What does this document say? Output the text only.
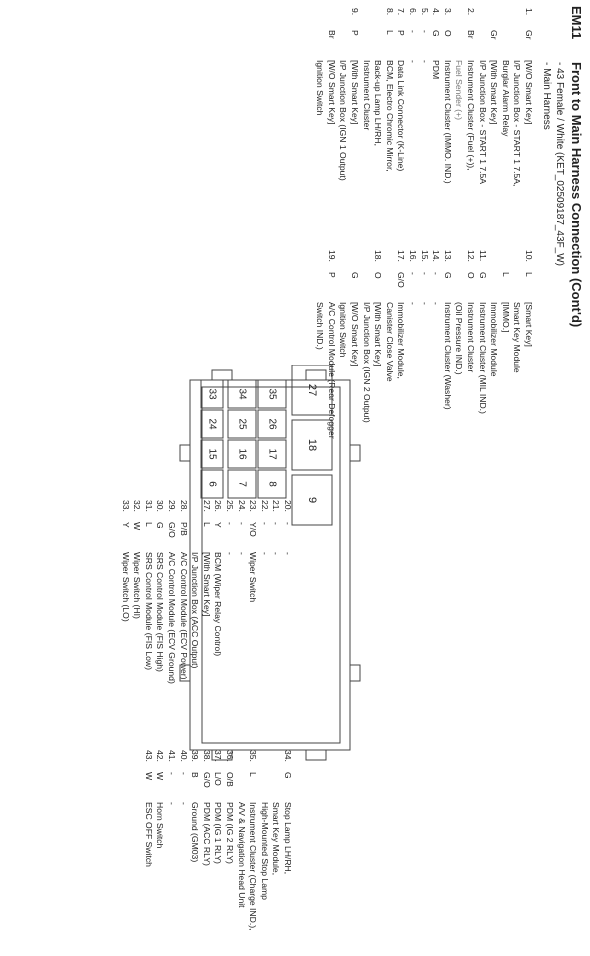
EM11
Front to Main Harness Connection (Cont'd)
- 43 Female / White (KET_02509187_43F_W)
- Main Harness
1.
Gr
[W/O Smart Key]
I/P Junction Box - START 1 7.5A,
Burglar Alarm Relay
Gr
[With Smart Key]
I/P Junction Box - START 1 7.5A
2.
Br
Instrument Cluster (Fuel (+)),
Fuel Sender (+)
3.
O
Instrument Cluster (IMMO. IND.)
4.
G
PDM
5.
-
-
6.
-
-
7.
P
Data Link Connector (K-Line)
8.
L
BCM, Electro Chromic Mirror,
Back-up Lamp LH/RH,
Instrument Cluster
9.
P
[With Smart Key]
I/P Junction Box (IGN 1 Output)
Br
[W/O Smart Key]
Ignition Switch
10.
L
[Smart Key]
Smart Key Module
L
[IMMO.]
Immobilizer Module
11.
G
Instrument Cluster (MIL IND.)
12.
O
Instrument Cluster
(Oil Pressure IND.)
13.
G
Instrument Cluster (Washer)
14.
-
-
15.
-
-
16.
-
-
17.
G/O
Immobilizer Module,
Canister Close Valve
18.
O
[With Smart Key]
I/P Junction Box (IGN 2 Output)
G
[W/O Smart Key]
Ignition Switch
19.
P
A/C Control Module (Rear Defogger
Switch IND.)
20.
-
-
21.
-
-
22.
-
-
23.
Y/O
Wiper Switch
24.
-
-
25.
-
-
26.
Y
BCM (Wiper Relay Control)
27.
L
[With Smart Key]
I/P Junction Box (ACC Output)
28.
P/B
A/C Control Module (ECV Power)
29.
G/O
A/C Control Module (ECV Ground)
30.
G
SRS Control Module (FIS High)
31.
L
SRS Control Module (FIS Low)
32.
W
Wiper Switch (HI)
33.
Y
Wiper Switch (LO)
34.
G
Stop Lamp LH/RH,
Smart Key Module,
High-Mounted Stop Lamp
35.
L
Instrument Cluster (Charge IND.),
A/V & Navigation Head Unit
36.
O/B
PDM (IG 2 RLY)
37.
L/O
PDM (IG 1 RLY)
38.
G/O
PDM (ACC RLY)
39.
B
Ground (GM03)
40.
-
-
41.
-
-
42.
W
Horn Switch
43.
W
ESC OFF Switch
9
18
27
8
17
26
35
7
16
25
34
6
15
24
33
